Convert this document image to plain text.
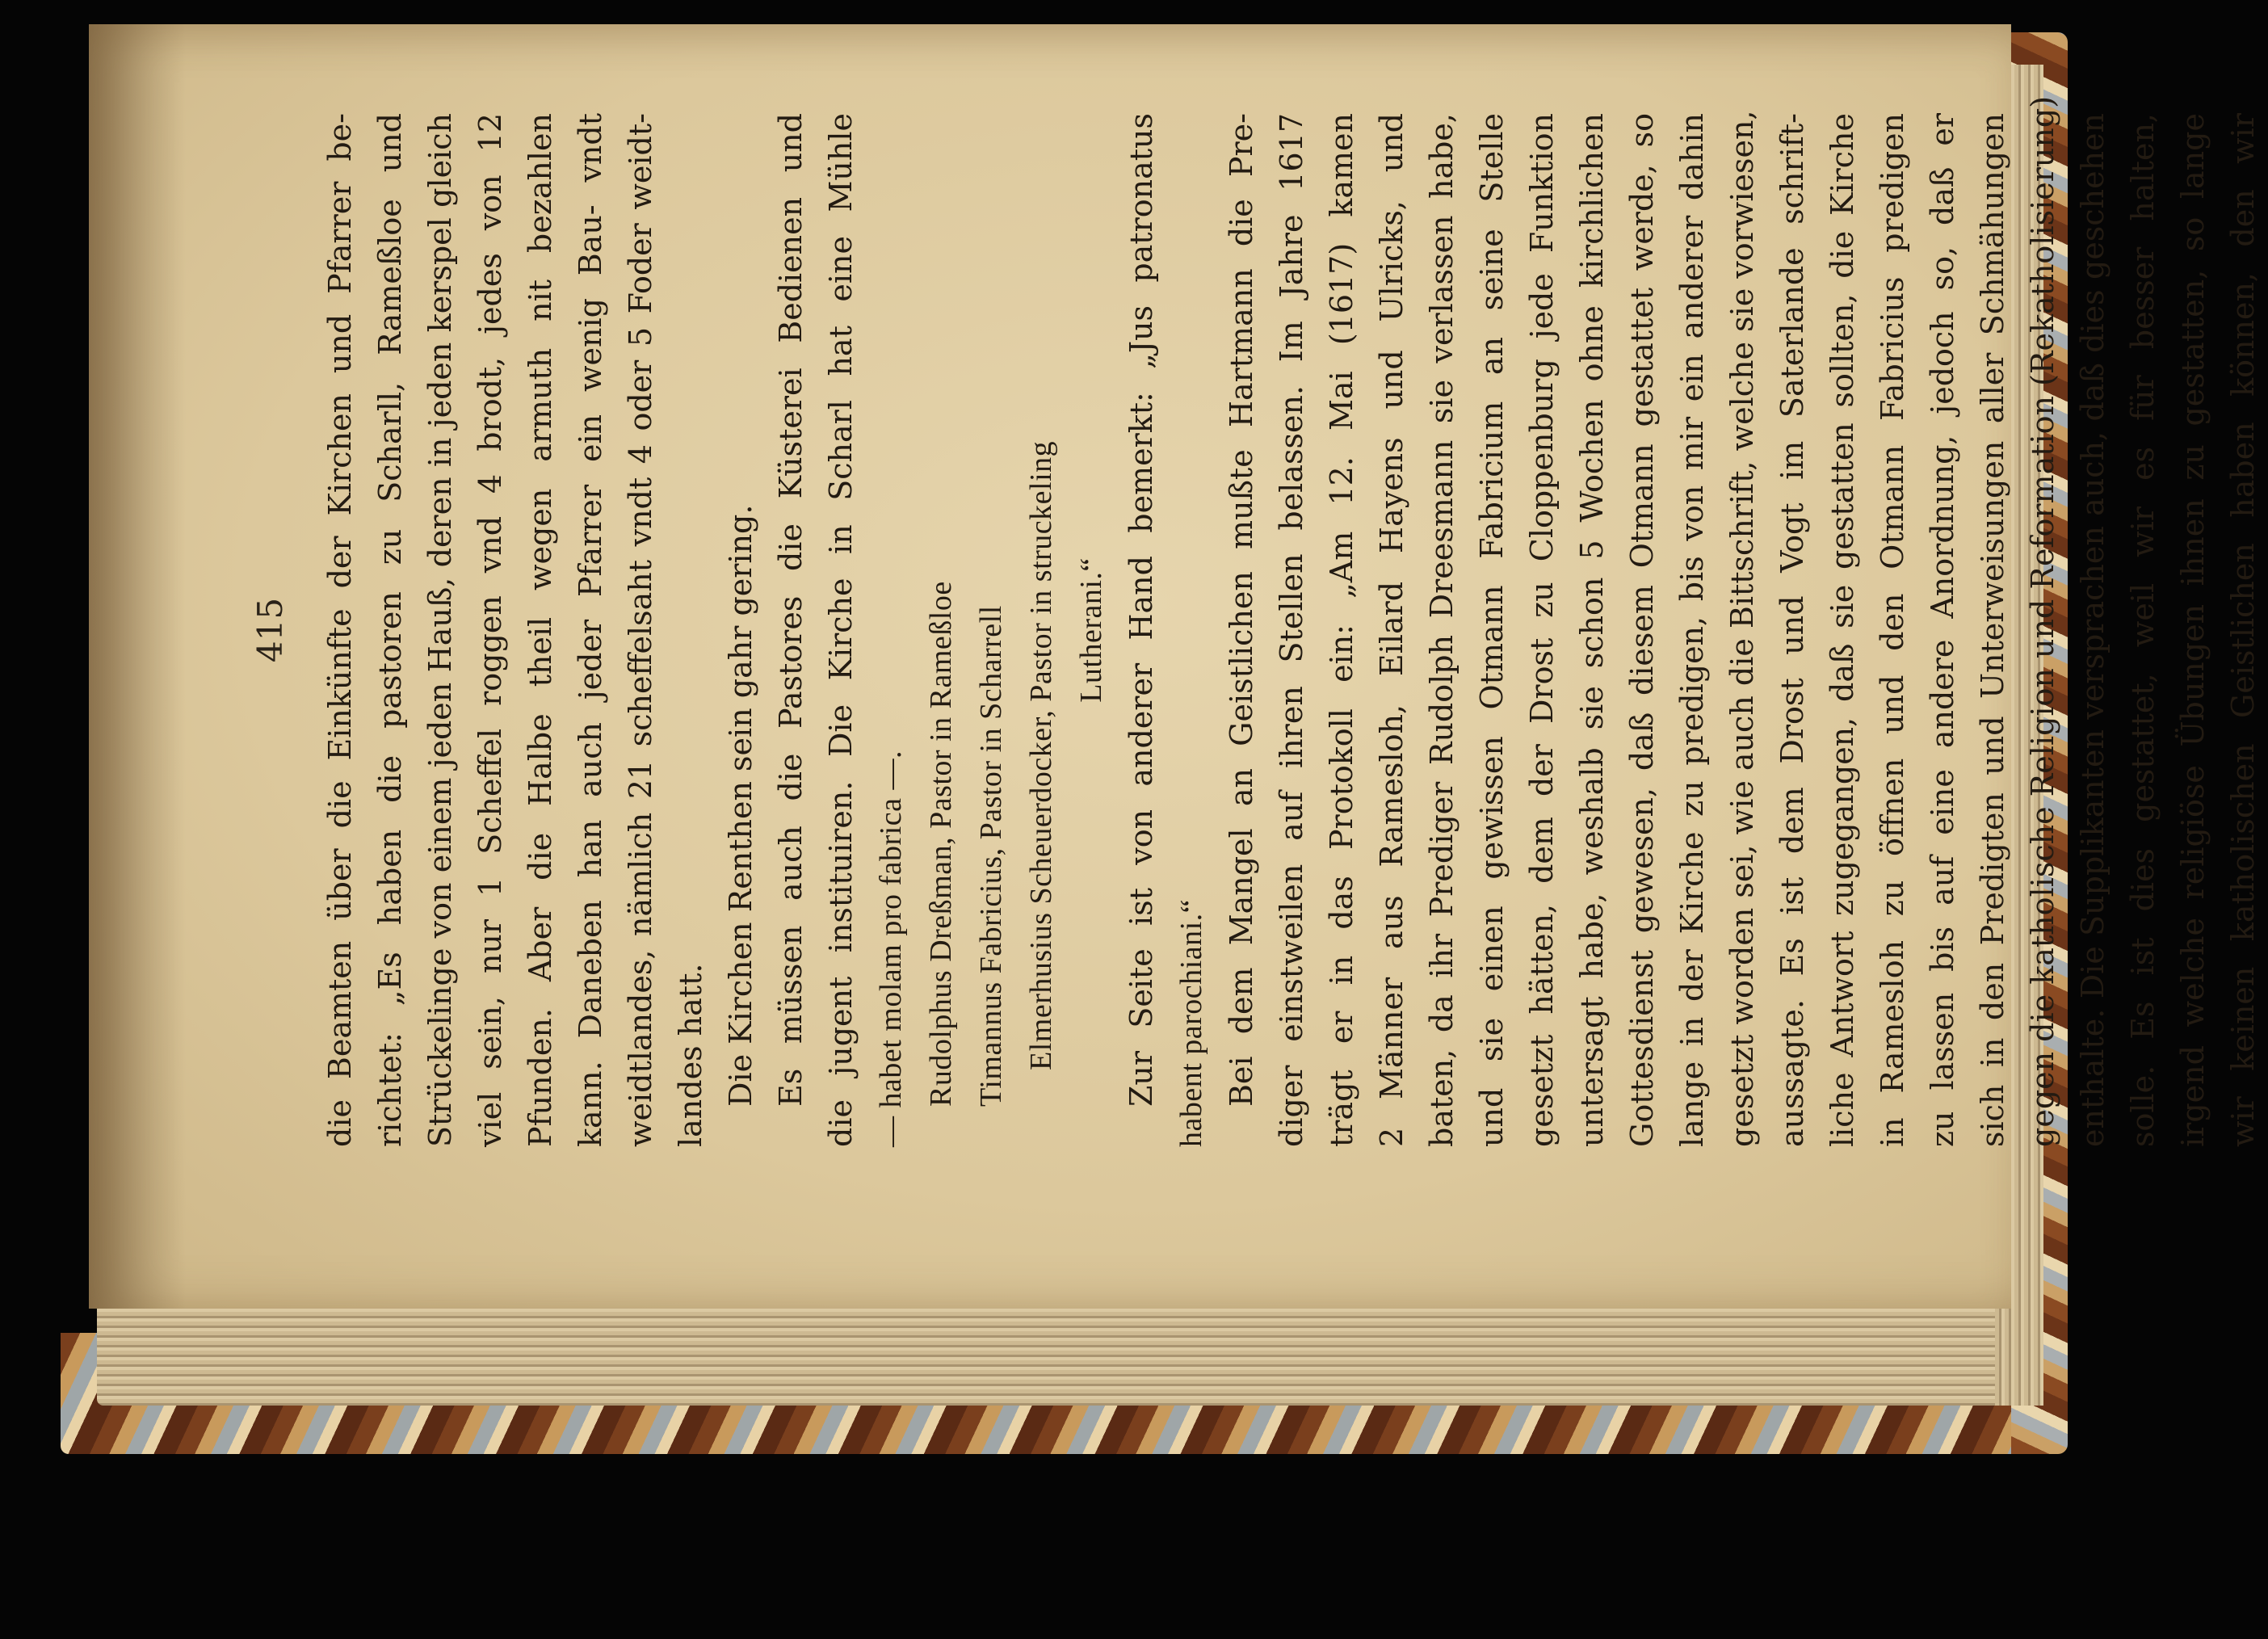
415 die Beamten über die Einkünfte der Kirchen und Pfarrer be- richtet: „Es haben die pastoren zu Scharll, Rameßloe und Strückelinge von einem jeden Hauß, deren in jeden kerspel gleich viel sein, nur 1 Scheffel roggen vnd 4 brodt, jedes von 12 Pfunden. Aber die Halbe theil wegen armuth nit bezahlen kann. Daneben han auch jeder Pfarrer ein wenig Bau- vndt weidtlandes, nämlich 21 scheffelsaht vndt 4 oder 5 Foder weidt- landes hatt. Die Kirchen Renthen sein gahr gering. Es müssen auch die Pastores die Küsterei Bedienen und die jugent instituiren. Die Kirche in Scharl hat eine Mühle — habet molam pro fabrica —. Rudolphus Dreßman, Pastor in Rameßloe Timannus Fabricius, Pastor in Scharrell Elmerhusius Scheuerdocker, Pastor in struckeling Lutherani.“ Zur Seite ist von anderer Hand bemerkt: „Jus patronatus habent parochiani.“ Bei dem Mangel an Geistlichen mußte Hartmann die Pre- diger einstweilen auf ihren Stellen belassen. Im Jahre 1617 trägt er in das Protokoll ein: „Am 12. Mai (1617) kamen 2 Männer aus Ramesloh, Eilard Hayens und Ulricks, und baten, da ihr Prediger Rudolph Dreesmann sie verlassen habe, und sie einen gewissen Otmann Fabricium an seine Stelle gesetzt hätten, dem der Drost zu Cloppenburg jede Funktion untersagt habe, weshalb sie schon 5 Wochen ohne kirchlichen Gottesdienst gewesen, daß diesem Otmann gestattet werde, so lange in der Kirche zu predigen, bis von mir ein anderer dahin gesetzt worden sei, wie auch die Bittschrift, welche sie vorwiesen, aussagte. Es ist dem Drost und Vogt im Saterlande schrift- liche Antwort zugegangen, daß sie gestatten sollten, die Kirche in Ramesloh zu öffnen und den Otmann Fabricius predigen zu lassen bis auf eine andere Anordnung, jedoch so, daß er sich in den Predigten und Unterweisungen aller Schmähungen gegen die katholische Religion und Reformation (Rekatholisierung) enthalte. Die Supplikanten versprachen auch, daß dies geschehen solle. Es ist dies gestattet, weil wir es für besser halten, irgend welche religiöse Übungen ihnen zu gestatten, so lange wir keinen katholischen Geistlichen haben können, den wir
